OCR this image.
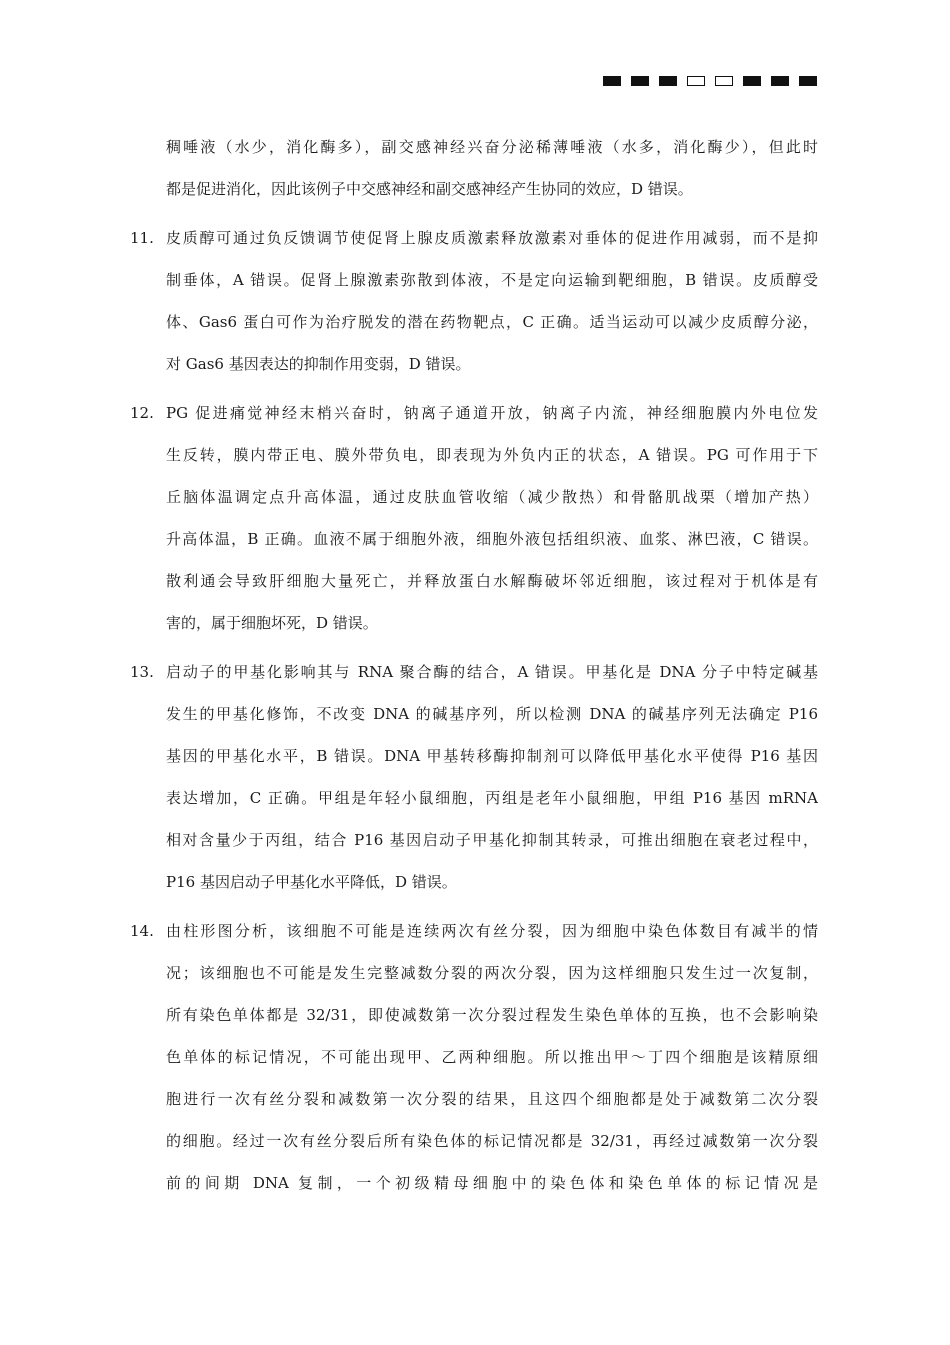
稠唾液（水少，消化酶多），副交感神经兴奋分泌稀薄唾液（水多，消化酶少），但此时
都是促进消化，因此该例子中交感神经和副交感神经产生协同的效应，D 错误。
11. 皮质醇可通过负反馈调节使促肾上腺皮质激素释放激素对垂体的促进作用减弱，而不是抑
制垂体，A 错误。促肾上腺激素弥散到体液，不是定向运输到靶细胞，B 错误。皮质醇受
体、Gas6 蛋白可作为治疗脱发的潜在药物靶点，C 正确。适当运动可以减少皮质醇分泌，
对 Gas6 基因表达的抑制作用变弱，D 错误。
12. PG 促进痛觉神经末梢兴奋时，钠离子通道开放，钠离子内流，神经细胞膜内外电位发
生反转，膜内带正电、膜外带负电，即表现为外负内正的状态，A 错误。PG 可作用于下
丘脑体温调定点升高体温，通过皮肤血管收缩（减少散热）和骨骼肌战栗（增加产热）
升高体温，B 正确。血液不属于细胞外液，细胞外液包括组织液、血浆、淋巴液，C 错误。
散利通会导致肝细胞大量死亡，并释放蛋白水解酶破坏邻近细胞，该过程对于机体是有
害的，属于细胞坏死，D 错误。
13. 启动子的甲基化影响其与 RNA 聚合酶的结合，A 错误。甲基化是 DNA 分子中特定碱基
发生的甲基化修饰，不改变 DNA 的碱基序列，所以检测 DNA 的碱基序列无法确定 P16
基因的甲基化水平，B 错误。DNA 甲基转移酶抑制剂可以降低甲基化水平使得 P16 基因
表达增加，C 正确。甲组是年轻小鼠细胞，丙组是老年小鼠细胞，甲组 P16 基因 mRNA
相对含量少于丙组，结合 P16 基因启动子甲基化抑制其转录，可推出细胞在衰老过程中，
P16 基因启动子甲基化水平降低，D 错误。
14. 由柱形图分析，该细胞不可能是连续两次有丝分裂，因为细胞中染色体数目有减半的情
况；该细胞也不可能是发生完整减数分裂的两次分裂，因为这样细胞只发生过一次复制，
所有染色单体都是 32/31，即使减数第一次分裂过程发生染色单体的互换，也不会影响染
色单体的标记情况，不可能出现甲、乙两种细胞。所以推出甲～丁四个细胞是该精原细
胞进行一次有丝分裂和减数第一次分裂的结果，且这四个细胞都是处于减数第二次分裂
的细胞。经过一次有丝分裂后所有染色体的标记情况都是 32/31，再经过减数第一次分裂
前的间期 DNA 复制，一个初级精母细胞中的染色体和染色单体的标记情况是
